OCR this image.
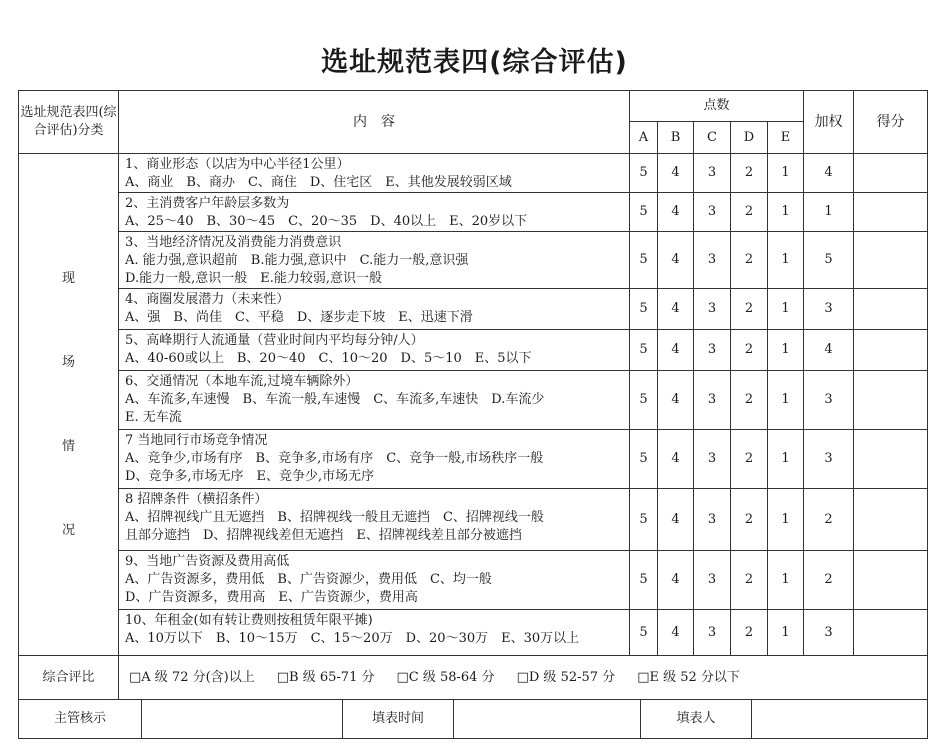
选址规范表四(综合评估)
选址规范表四(综合评估)分类	内　容	点数	加权	得分
A	B	C	D	E

现
场
情
况

1、商业形态（以店为中心半径1公里）
A、商业　B、商办　C、商住　D、住宅区　E、其他发展较弱区域
	5	4	3	2	1	4	

2、主消费客户年龄层多数为
A、25～40　B、30～45　C、20～35　D、40以上　E、20岁以下
	5	4	3	2	1	1	

3、当地经济情况及消费能力消费意识
A. 能力强,意识超前　B.能力强,意识中　C.能力一般,意识强
D.能力一般,意识一般　E.能力较弱,意识一般
	5	4	3	2	1	5	

4、商圈发展潜力（未来性）
A、强　B、尚佳　C、平稳　D、逐步走下坡　E、迅速下滑
	5	4	3	2	1	3	

5、高峰期行人流通量（营业时间内平均每分钟/人）
A、40-60或以上　B、20～40　C、10～20　D、5～10　E、5以下
	5	4	3	2	1	4	

6、交通情况（本地车流,过境车辆除外）
A、车流多,车速慢　B、车流一般,车速慢　C、车流多,车速快　D.车流少
E. 无车流
	5	4	3	2	1	3	

7 当地同行市场竞争情况
A、竞争少,市场有序　B、竞争多,市场有序　C、竞争一般,市场秩序一般
D、竞争多,市场无序　E、竞争少,市场无序
	5	4	3	2	1	3	

8 招牌条件（横招条件）
A、招牌视线广且无遮挡　B、招牌视线一般且无遮挡　C、招牌视线一般
且部分遮挡　D、招牌视线差但无遮挡　E、招牌视线差且部分被遮挡
	5	4	3	2	1	2	

9、当地广告资源及费用高低
A、广告资源多，费用低　B、广告资源少，费用低　C、均一般
D、广告资源多，费用高　E、广告资源少，费用高
	5	4	3	2	1	2	

10、年租金(如有转让费则按租赁年限平摊)
A、10万以下　B、10～15万　C、15～20万　D、20～30万　E、30万以上	5	4	3	2	1	3	
综合评比	□A 级 72 分(含)以上 □B 级 65-71 分 □C 级 58-64 分 □D 级 52-57 分 □E 级 52 分以下

主管核示		填表时间		填表人	
